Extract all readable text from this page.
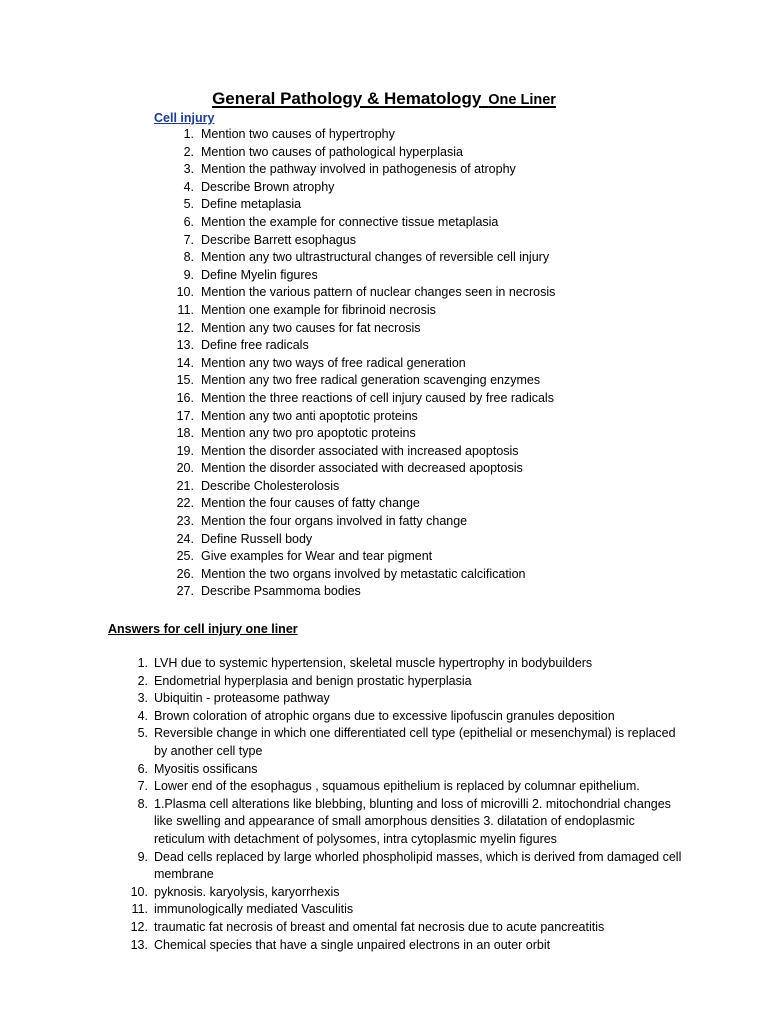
General Pathology & Hematology One Liner
Cell injury
1. Mention two causes of hypertrophy
2. Mention two causes of pathological hyperplasia
3. Mention the pathway involved in pathogenesis of atrophy
4. Describe Brown atrophy
5. Define metaplasia
6. Mention the example for connective tissue metaplasia
7. Describe Barrett esophagus
8. Mention any two ultrastructural changes of reversible cell injury
9. Define Myelin figures
10. Mention the various pattern of nuclear changes seen in necrosis
11. Mention one example for fibrinoid necrosis
12. Mention any two causes for fat necrosis
13. Define free radicals
14. Mention any two ways of free radical generation
15. Mention any two free radical generation scavenging enzymes
16. Mention the three reactions of cell injury caused by free radicals
17. Mention any two anti apoptotic proteins
18. Mention any two pro apoptotic proteins
19. Mention the disorder associated with increased apoptosis
20. Mention the disorder associated with decreased apoptosis
21. Describe Cholesterolosis
22. Mention the four causes of fatty change
23. Mention the four organs involved in fatty change
24. Define Russell body
25. Give examples for Wear and tear pigment
26. Mention the two organs involved by metastatic calcification
27. Describe Psammoma bodies
Answers for cell injury one liner
1. LVH due to systemic hypertension, skeletal muscle hypertrophy in bodybuilders
2. Endometrial hyperplasia and benign prostatic hyperplasia
3. Ubiquitin - proteasome pathway
4. Brown coloration of atrophic organs due to excessive lipofuscin granules deposition
5. Reversible change in which one differentiated cell type (epithelial or mesenchymal) is replaced by another cell type
6. Myositis ossificans
7. Lower end of the esophagus , squamous epithelium is replaced by columnar epithelium.
8. 1.Plasma cell alterations like blebbing, blunting and loss of microvilli 2. mitochondrial changes like swelling and appearance of small amorphous densities 3. dilatation of endoplasmic reticulum with detachment of polysomes, intra cytoplasmic myelin figures
9. Dead cells replaced by large whorled phospholipid masses, which is derived from damaged cell membrane
10. pyknosis. karyolysis, karyorrhexis
11. immunologically mediated Vasculitis
12. traumatic fat necrosis of breast and omental fat necrosis due to acute pancreatitis
13. Chemical species that have a single unpaired electrons in an outer orbit
